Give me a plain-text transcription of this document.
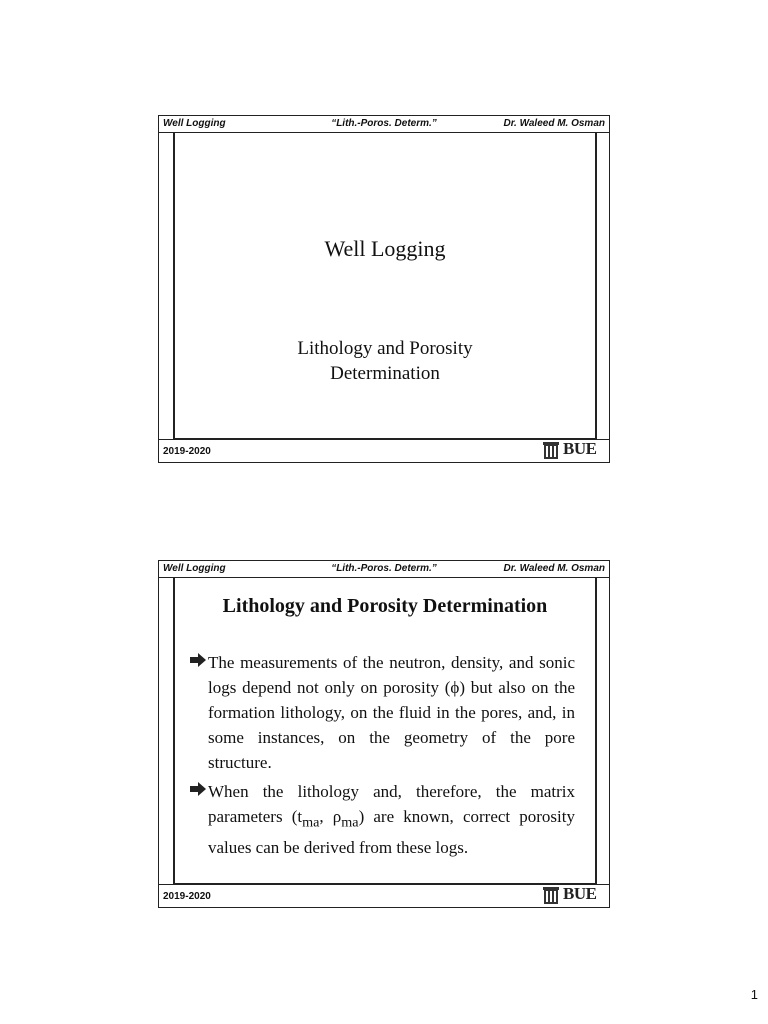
Well Logging	“Lith.-Poros. Determ.”	Dr. Waleed M. Osman
Well Logging
Lithology and Porosity
Determination
2019-2020	BUE
Well Logging	“Lith.-Poros. Determ.”	Dr. Waleed M. Osman
Lithology and Porosity Determination
The measurements of the neutron, density, and sonic logs depend not only on porosity (ϕ) but also on the formation lithology, on the fluid in the pores, and, in some instances, on the geometry of the pore structure.
When the lithology and, therefore, the matrix parameters ($t_{ma}$, $\rho_{ma}$) are known, correct porosity values can be derived from these logs.
2019-2020	BUE
1
